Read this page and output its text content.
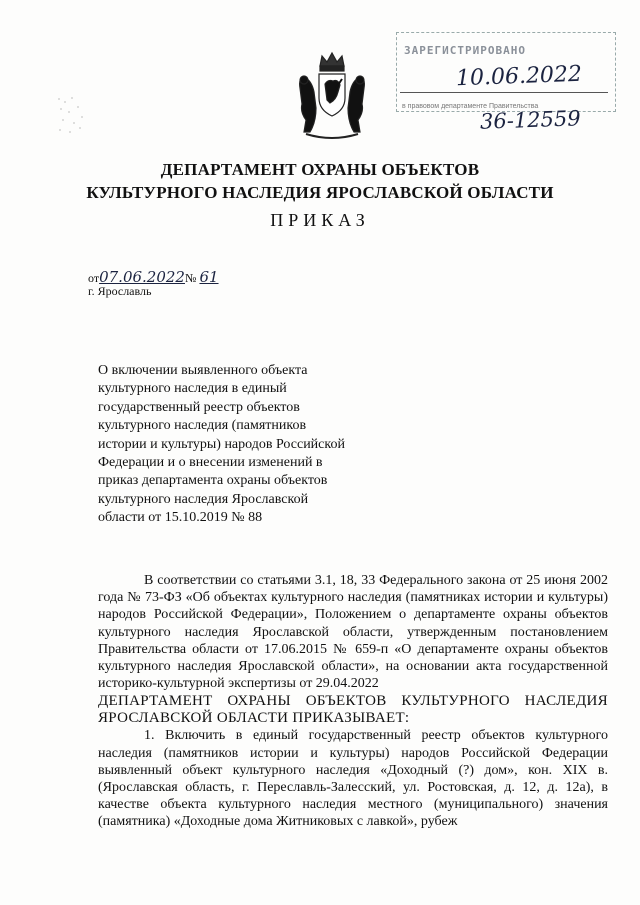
ЗАРЕГИСТРИРОВАНО
10.06.2022
в правовом департаменте Правительства
36-12559
ДЕПАРТАМЕНТ ОХРАНЫ ОБЪЕКТОВ
КУЛЬТУРНОГО НАСЛЕДИЯ ЯРОСЛАВСКОЙ ОБЛАСТИ
ПРИКАЗ
от07.06.2022№ 61
г. Ярославль
О включении выявленного объекта культурного наследия в единый государственный реестр объектов культурного наследия (памятников истории и культуры) народов Российской Федерации и о внесении изменений в приказ департамента охраны объектов культурного наследия Ярославской области от 15.10.2019 № 88

В соответствии со статьями 3.1, 18, 33 Федерального закона от 25 июня 2002 года № 73-ФЗ «Об объектах культурного наследия (памятниках истории и культуры) народов Российской Федерации», Положением о департаменте охраны объектов культурного наследия Ярославской области, утвержденным постановлением Правительства области от 17.06.2015 № 659-п «О департаменте охраны объектов культурного наследия Ярославской области», на основании акта государственной историко-культурной экспертизы от 29.04.2022

ДЕПАРТАМЕНТ ОХРАНЫ ОБЪЕКТОВ КУЛЬТУРНОГО НАСЛЕДИЯ ЯРОСЛАВСКОЙ ОБЛАСТИ ПРИКАЗЫВАЕТ:

1. Включить в единый государственный реестр объектов культурного наследия (памятников истории и культуры) народов Российской Федерации выявленный объект культурного наследия «Доходный (?) дом», кон. XIX в. (Ярославская область, г. Переславль-Залесский, ул. Ростовская, д. 12, д. 12а), в качестве объекта культурного наследия местного (муниципального) значения (памятника) «Доходные дома Житниковых с лавкой», рубеж
